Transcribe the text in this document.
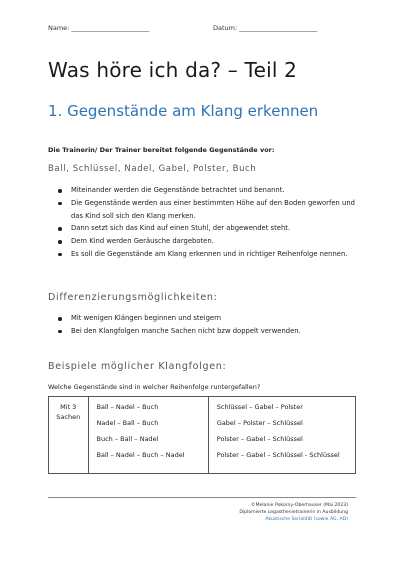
Name: ________________________	Datum: ________________________
Was höre ich da? – Teil 2
1. Gegenstände am Klang erkennen
Die Trainerin/ Der Trainer bereitet folgende Gegenstände vor:
Ball, Schlüssel, Nadel, Gabel, Polster, Buch
Miteinander werden die Gegenstände betrachtet und benannt.
Die Gegenstände werden aus einer bestimmten Höhe auf den Boden geworfen und das Kind soll sich den Klang merken.
Dann setzt sich das Kind auf einen Stuhl, der abgewendet steht.
Dem Kind werden Geräusche dargeboten.
Es soll die Gegenstände am Klang erkennen und in richtiger Reihenfolge nennen.
Differenzierungsmöglichkeiten:
Mit wenigen Klängen beginnen und steigern
Bei den Klangfolgen manche Sachen nicht bzw doppelt verwenden.
Beispiele möglicher Klangfolgen:
Welche Gegenstände sind in welcher Reihenfolge runtergefallen?
Mit 3
Sachen

Ball – Nadel – Buch
Nadel – Ball – Buch
Buch – Ball – Nadel
Ball – Nadel – Buch – Nadel

Schlüssel – Gabel – Polster
Gabel – Polster – Schlüssel
Polster – Gabel – Schlüssel
Polster – Gabel – Schlüssel - Schlüssel
©Melanie Pokorny-Oberhauser (Mai 2023)
Diplomierte Legasthenietrainerin in Ausbildung
Akustische Serialität (sowie AG, AD)
